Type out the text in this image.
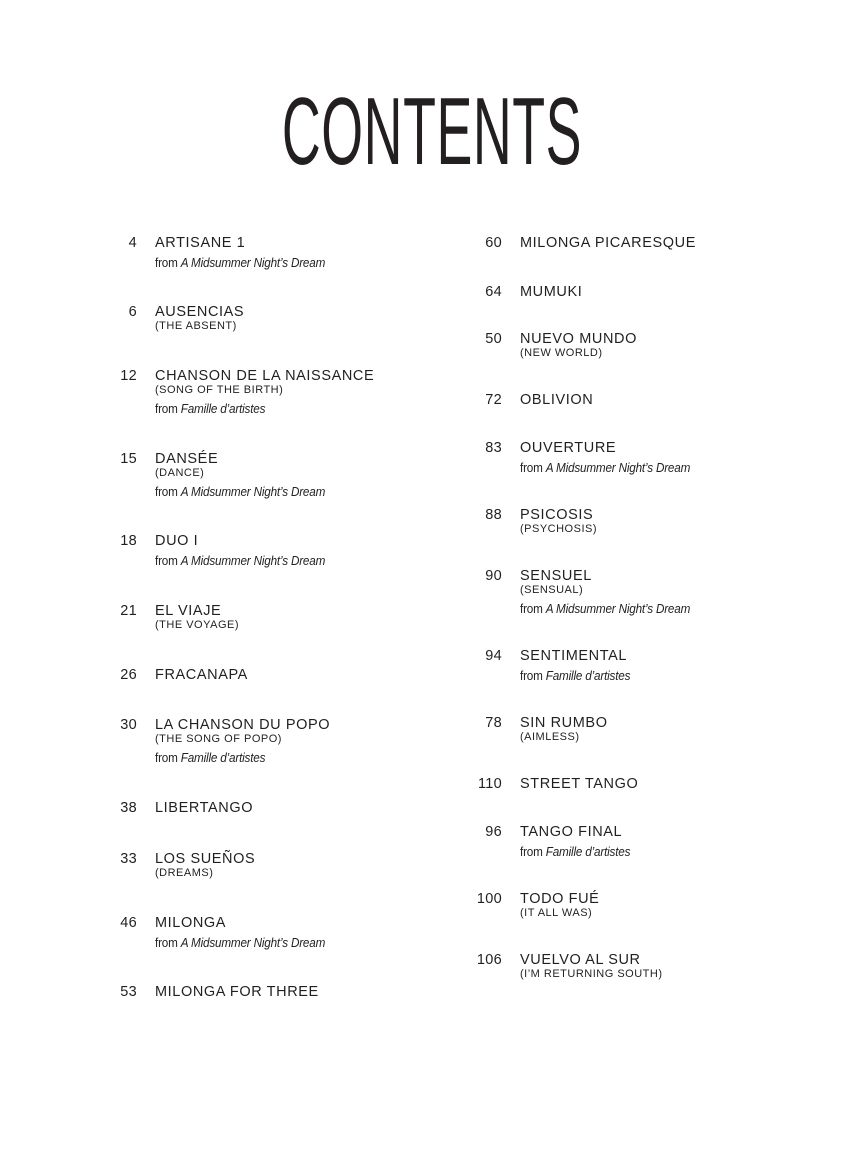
CONTENTS
4 ARTISANE 1
from A Midsummer Night’s Dream
6 AUSENCIAS
(THE ABSENT)
12 CHANSON DE LA NAISSANCE
(SONG OF THE BIRTH)
from Famille d’artistes
15 DANSÉE
(DANCE)
from A Midsummer Night’s Dream
18 DUO I
from A Midsummer Night’s Dream
21 EL VIAJE
(THE VOYAGE)
26 FRACANAPA
30 LA CHANSON DU POPO
(THE SONG OF POPO)
from Famille d’artistes
38 LIBERTANGO
33 LOS SUEÑOS
(DREAMS)
46 MILONGA
from A Midsummer Night’s Dream
53 MILONGA FOR THREE
60 MILONGA PICARESQUE
64 MUMUKI
50 NUEVO MUNDO
(NEW WORLD)
72 OBLIVION
83 OUVERTURE
from A Midsummer Night’s Dream
88 PSICOSIS
(PSYCHOSIS)
90 SENSUEL
(SENSUAL)
from A Midsummer Night’s Dream
94 SENTIMENTAL
from Famille d’artistes
78 SIN RUMBO
(AIMLESS)
110 STREET TANGO
96 TANGO FINAL
from Famille d’artistes
100 TODO FUÉ
(IT ALL WAS)
106 VUELVO AL SUR
(I’M RETURNING SOUTH)
